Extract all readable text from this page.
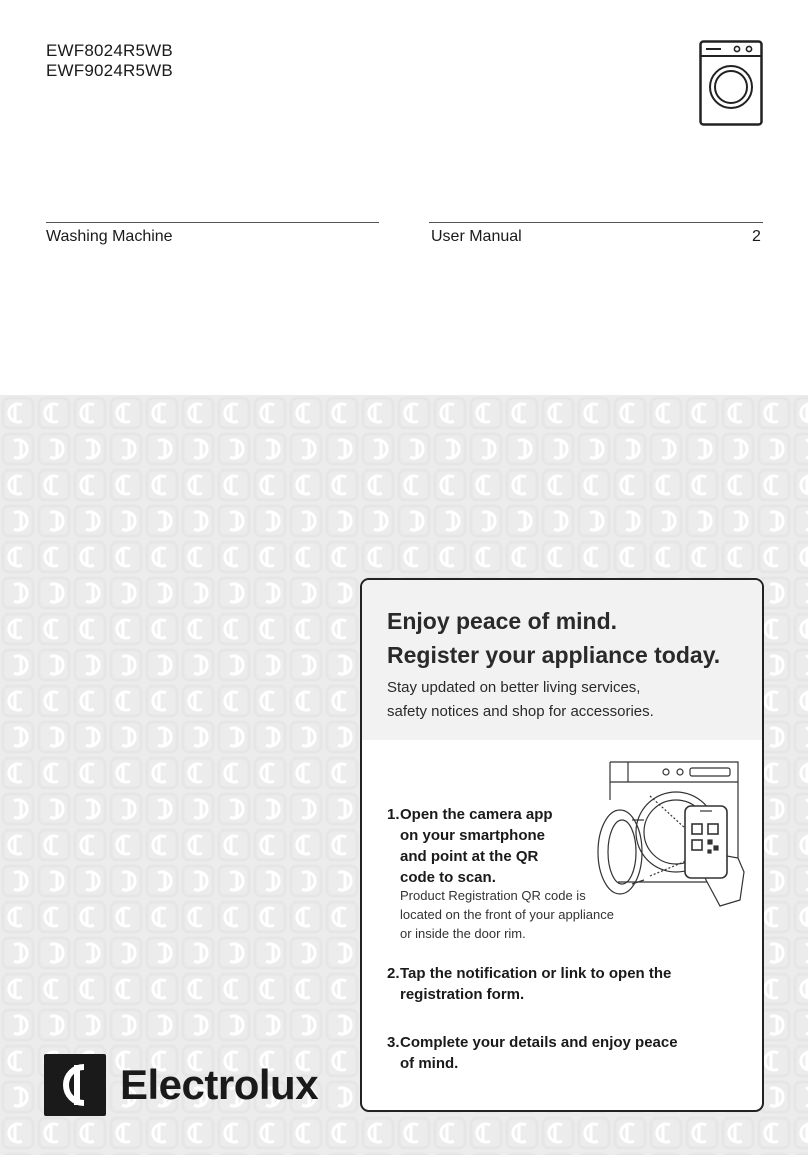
EWF8024R5WB
EWF9024R5WB
Washing Machine	User Manual	2
Electrolux
Enjoy peace of mind.
Register your appliance today.

Stay updated on better living services,
safety notices and shop for accessories.

1. Open the camera app
on your smartphone
and point at the QR
code to scan.
Product Registration QR code is
located on the front of your appliance
or inside the door rim.
2. Tap the notification or link to open the
registration form.
3. Complete your details and enjoy peace
of mind.
